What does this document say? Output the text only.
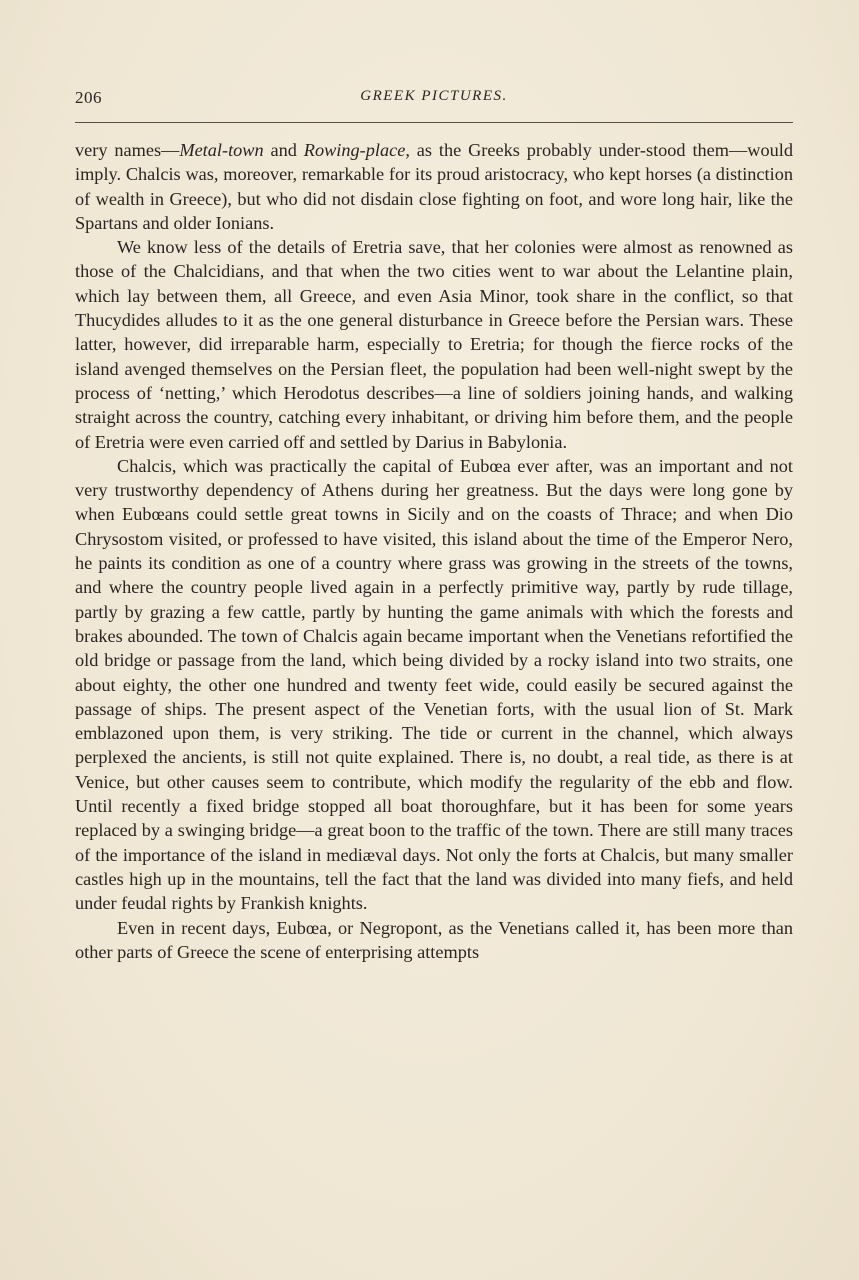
206	GREEK PICTURES.

very names—Metal-town and Rowing-place, as the Greeks probably under-stood them—would imply. Chalcis was, moreover, remarkable for its proud aristocracy, who kept horses (a distinction of wealth in Greece), but who did not disdain close fighting on foot, and wore long hair, like the Spartans and older Ionians.

We know less of the details of Eretria save, that her colonies were almost as renowned as those of the Chalcidians, and that when the two cities went to war about the Lelantine plain, which lay between them, all Greece, and even Asia Minor, took share in the conflict, so that Thucydides alludes to it as the one general disturbance in Greece before the Persian wars. These latter, however, did irreparable harm, especially to Eretria; for though the fierce rocks of the island avenged themselves on the Persian fleet, the population had been well-night swept by the process of ‘netting,’ which Herodotus describes—a line of soldiers joining hands, and walking straight across the country, catching every inhabitant, or driving him before them, and the people of Eretria were even carried off and settled by Darius in Babylonia.

Chalcis, which was practically the capital of Eubœa ever after, was an important and not very trustworthy dependency of Athens during her greatness. But the days were long gone by when Eubœans could settle great towns in Sicily and on the coasts of Thrace; and when Dio Chrysostom visited, or professed to have visited, this island about the time of the Emperor Nero, he paints its condition as one of a country where grass was growing in the streets of the towns, and where the country people lived again in a perfectly primitive way, partly by rude tillage, partly by grazing a few cattle, partly by hunting the game animals with which the forests and brakes abounded. The town of Chalcis again became important when the Venetians refortified the old bridge or passage from the land, which being divided by a rocky island into two straits, one about eighty, the other one hundred and twenty feet wide, could easily be secured against the passage of ships. The present aspect of the Venetian forts, with the usual lion of St. Mark emblazoned upon them, is very striking. The tide or current in the channel, which always perplexed the ancients, is still not quite explained. There is, no doubt, a real tide, as there is at Venice, but other causes seem to contribute, which modify the regularity of the ebb and flow. Until recently a fixed bridge stopped all boat thoroughfare, but it has been for some years replaced by a swinging bridge—a great boon to the traffic of the town. There are still many traces of the importance of the island in mediæval days. Not only the forts at Chalcis, but many smaller castles high up in the mountains, tell the fact that the land was divided into many fiefs, and held under feudal rights by Frankish knights.

Even in recent days, Eubœa, or Negropont, as the Venetians called it, has been more than other parts of Greece the scene of enterprising attempts
